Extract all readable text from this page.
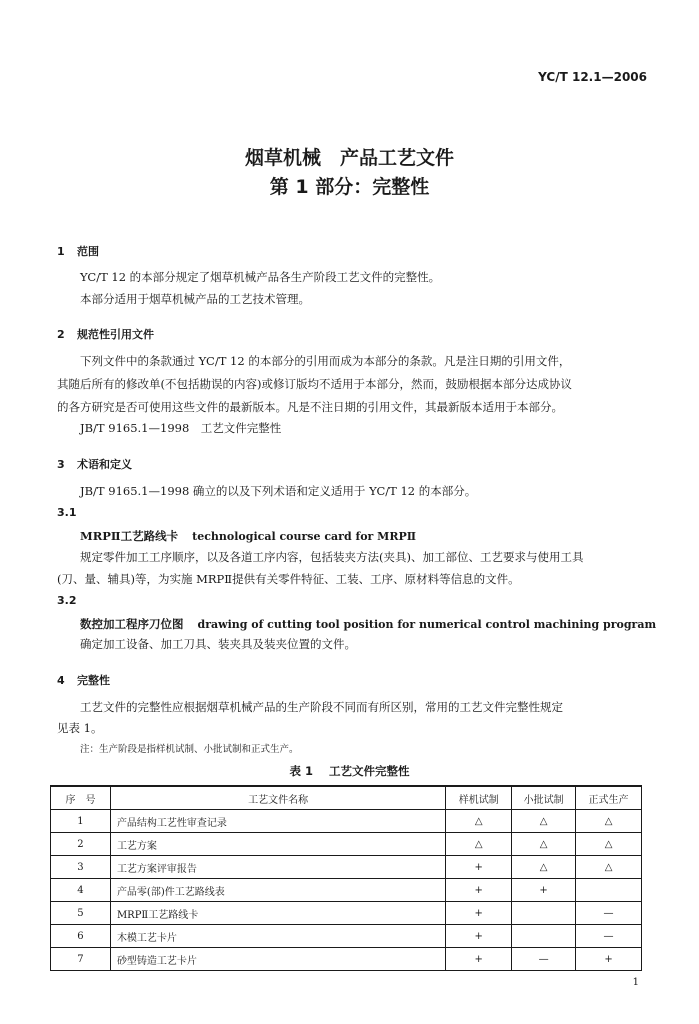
YC/T 12.1—2006
烟草机械　产品工艺文件
第 1 部分：完整性
1 范围
YC/T 12 的本部分规定了烟草机械产品各生产阶段工艺文件的完整性。
本部分适用于烟草机械产品的工艺技术管理。
2 规范性引用文件
下列文件中的条款通过 YC/T 12 的本部分的引用而成为本部分的条款。凡是注日期的引用文件，
其随后所有的修改单(不包括勘误的内容)或修订版均不适用于本部分，然而，鼓励根据本部分达成协议
的各方研究是否可使用这些文件的最新版本。凡是不注日期的引用文件，其最新版本适用于本部分。
JB/T 9165.1—1998　工艺文件完整性
3 术语和定义
JB/T 9165.1—1998 确立的以及下列术语和定义适用于 YC/T 12 的本部分。
3.1
MRPⅡ工艺路线卡 technological course card for MRPⅡ
规定零件加工工序顺序，以及各道工序内容，包括装夹方法(夹具)、加工部位、工艺要求与使用工具
(刀、量、辅具)等，为实施 MRPⅡ提供有关零件特征、工装、工序、原材料等信息的文件。
3.2
数控加工程序刀位图 drawing of cutting tool position for numerical control machining program
确定加工设备、加工刀具、装夹具及装夹位置的文件。
4 完整性
工艺文件的完整性应根据烟草机械产品的生产阶段不同而有所区别，常用的工艺文件完整性规定
见表 1。
注：生产阶段是指样机试制、小批试制和正式生产。
表 1 工艺文件完整性
序　号	工艺文件名称	样机试制	小批试制	正式生产
1	产品结构工艺性审查记录	△	△	△
2	工艺方案	△	△	△
3	工艺方案评审报告	+	△	△
4	产品零(部)件工艺路线表	+	+	
5	MRPⅡ工艺路线卡	+		—
6	木模工艺卡片	+		—
7	砂型铸造工艺卡片	+	—	+
1
